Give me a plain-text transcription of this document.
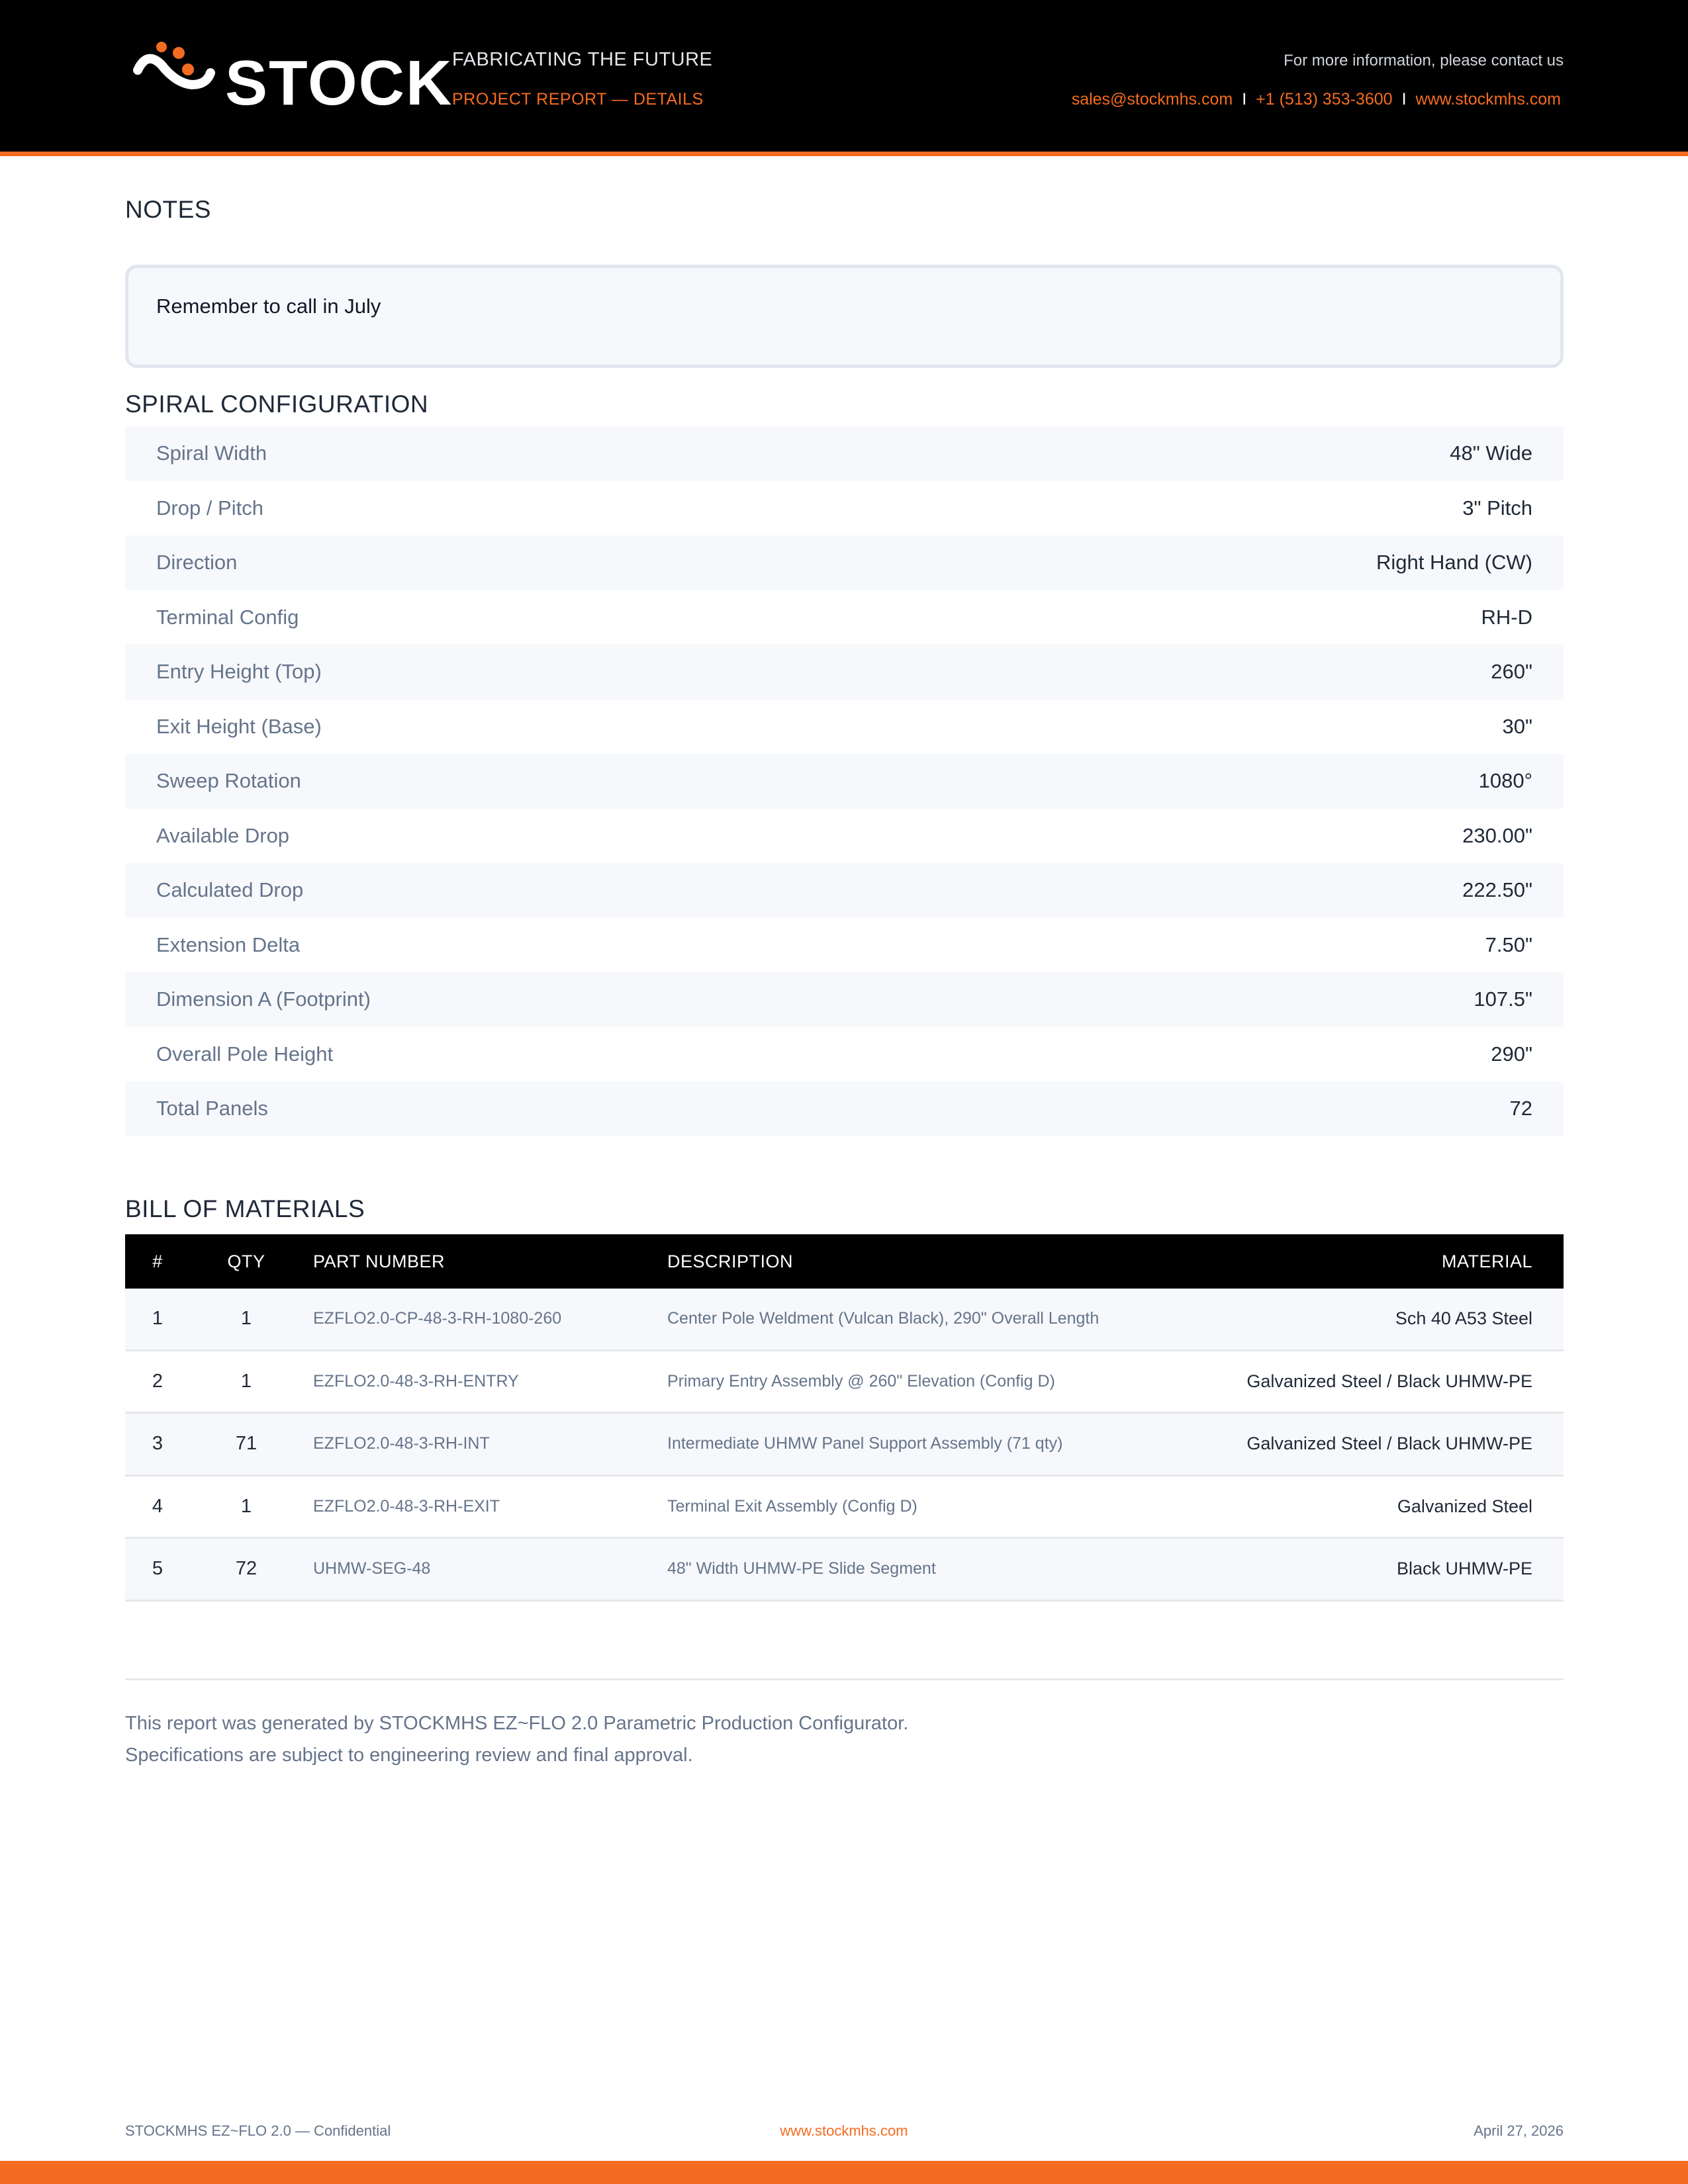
STOCK
FABRICATING THE FUTURE
PROJECT REPORT — DETAILS
For more information, please contact us
sales@stockmhs.com I +1 (513) 353-3600 I www.stockmhs.com
NOTES
Remember to call in July
SPIRAL CONFIGURATION
Spiral Width	48" Wide
Drop / Pitch	3" Pitch
Direction	Right Hand (CW)
Terminal Config	RH-D
Entry Height (Top)	260"
Exit Height (Base)	30"
Sweep Rotation	1080°
Available Drop	230.00"
Calculated Drop	222.50"
Extension Delta	7.50"
Dimension A (Footprint)	107.5"
Overall Pole Height	290"
Total Panels	72
BILL OF MATERIALS
#	QTY	PART NUMBER	DESCRIPTION	MATERIAL
1	1	EZFLO2.0-CP-48-3-RH-1080-260	Center Pole Weldment (Vulcan Black), 290" Overall Length	Sch 40 A53 Steel
2	1	EZFLO2.0-48-3-RH-ENTRY	Primary Entry Assembly @ 260" Elevation (Config D)	Galvanized Steel / Black UHMW-PE
3	71	EZFLO2.0-48-3-RH-INT	Intermediate UHMW Panel Support Assembly (71 qty)	Galvanized Steel / Black UHMW-PE
4	1	EZFLO2.0-48-3-RH-EXIT	Terminal Exit Assembly (Config D)	Galvanized Steel
5	72	UHMW-SEG-48	48" Width UHMW-PE Slide Segment	Black UHMW-PE
This report was generated by STOCKMHS EZ~FLO 2.0 Parametric Production Configurator.
Specifications are subject to engineering review and final approval.
STOCKMHS EZ~FLO 2.0 — Confidential	www.stockmhs.com	April 27, 2026
